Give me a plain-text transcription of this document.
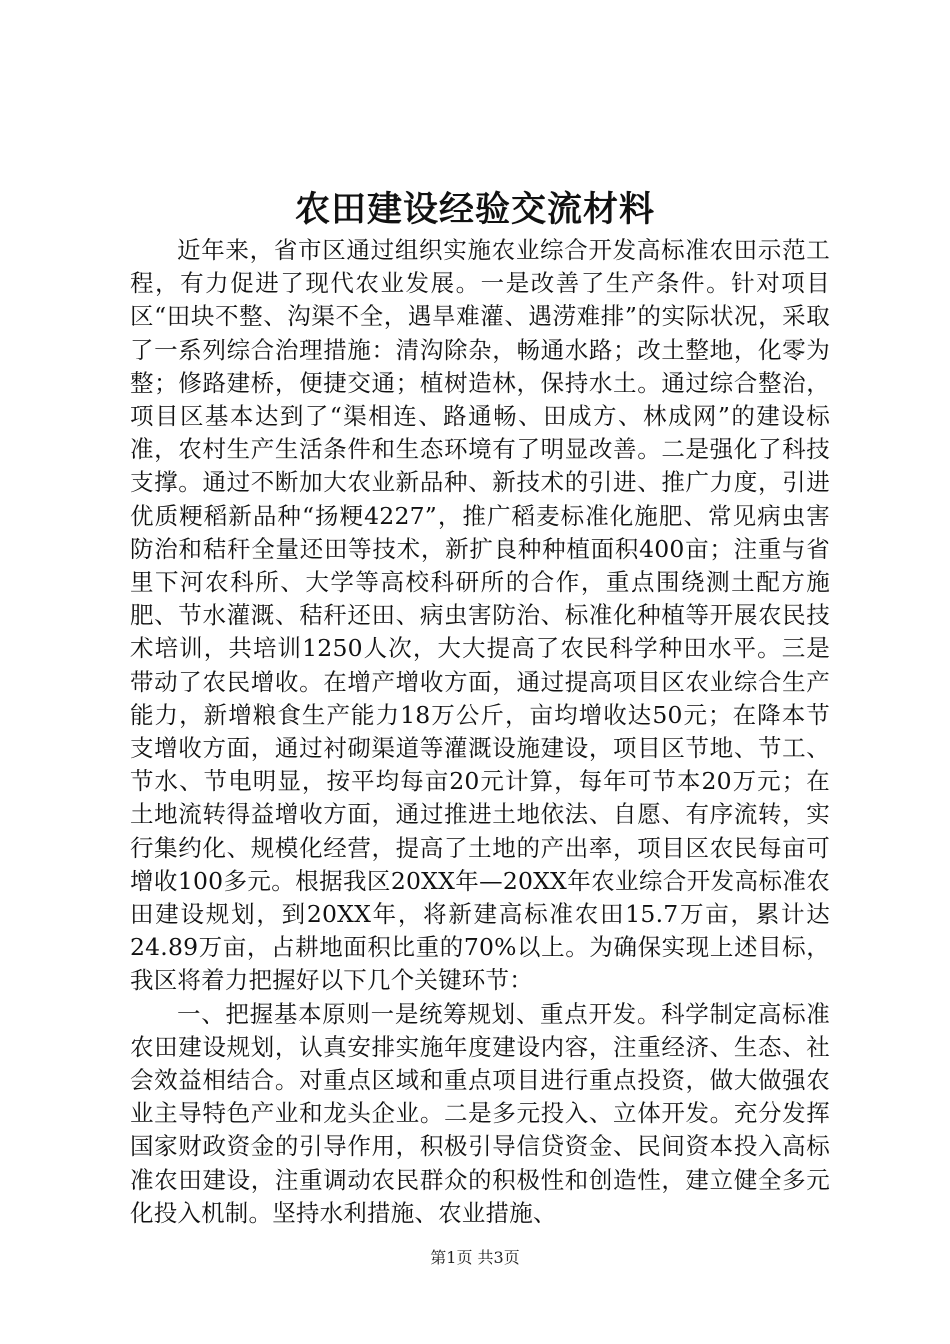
农田建设经验交流材料

近年来，省市区通过组织实施农业综合开发高标准农田示范工程，有力促进了现代农业发展。一是改善了生产条件。针对项目区“田块不整、沟渠不全，遇旱难灌、遇涝难排”的实际状况，采取了一系列综合治理措施：清沟除杂，畅通水路；改土整地，化零为整；修路建桥，便捷交通；植树造林，保持水土。通过综合整治，项目区基本达到了“渠相连、路通畅、田成方、林成网”的建设标准，农村生产生活条件和生态环境有了明显改善。二是强化了科技支撑。通过不断加大农业新品种、新技术的引进、推广力度，引进优质粳稻新品种“扬粳4227”，推广稻麦标准化施肥、常见病虫害防治和秸秆全量还田等技术，新扩良种种植面积400亩；注重与省里下河农科所、大学等高校科研所的合作，重点围绕测土配方施肥、节水灌溉、秸秆还田、病虫害防治、标准化种植等开展农民技术培训，共培训1250人次，大大提高了农民科学种田水平。三是带动了农民增收。在增产增收方面，通过提高项目区农业综合生产能力，新增粮食生产能力18万公斤，亩均增收达50元；在降本节支增收方面，通过衬砌渠道等灌溉设施建设，项目区节地、节工、节水、节电明显，按平均每亩20元计算，每年可节本20万元；在土地流转得益增收方面，通过推进土地依法、自愿、有序流转，实行集约化、规模化经营，提高了土地的产出率，项目区农民每亩可增收100多元。根据我区20XX年—20XX年农业综合开发高标准农田建设规划，到20XX年，将新建高标准农田15.7万亩，累计达24.89万亩，占耕地面积比重的70%以上。为确保实现上述目标，我区将着力把握好以下几个关键环节：

一、把握基本原则一是统筹规划、重点开发。科学制定高标准农田建设规划，认真安排实施年度建设内容，注重经济、生态、社会效益相结合。对重点区域和重点项目进行重点投资，做大做强农业主导特色产业和龙头企业。二是多元投入、立体开发。充分发挥国家财政资金的引导作用，积极引导信贷资金、民间资本投入高标准农田建设，注重调动农民群众的积极性和创造性，建立健全多元化投入机制。坚持水利措施、农业措施、

第1页 共3页
